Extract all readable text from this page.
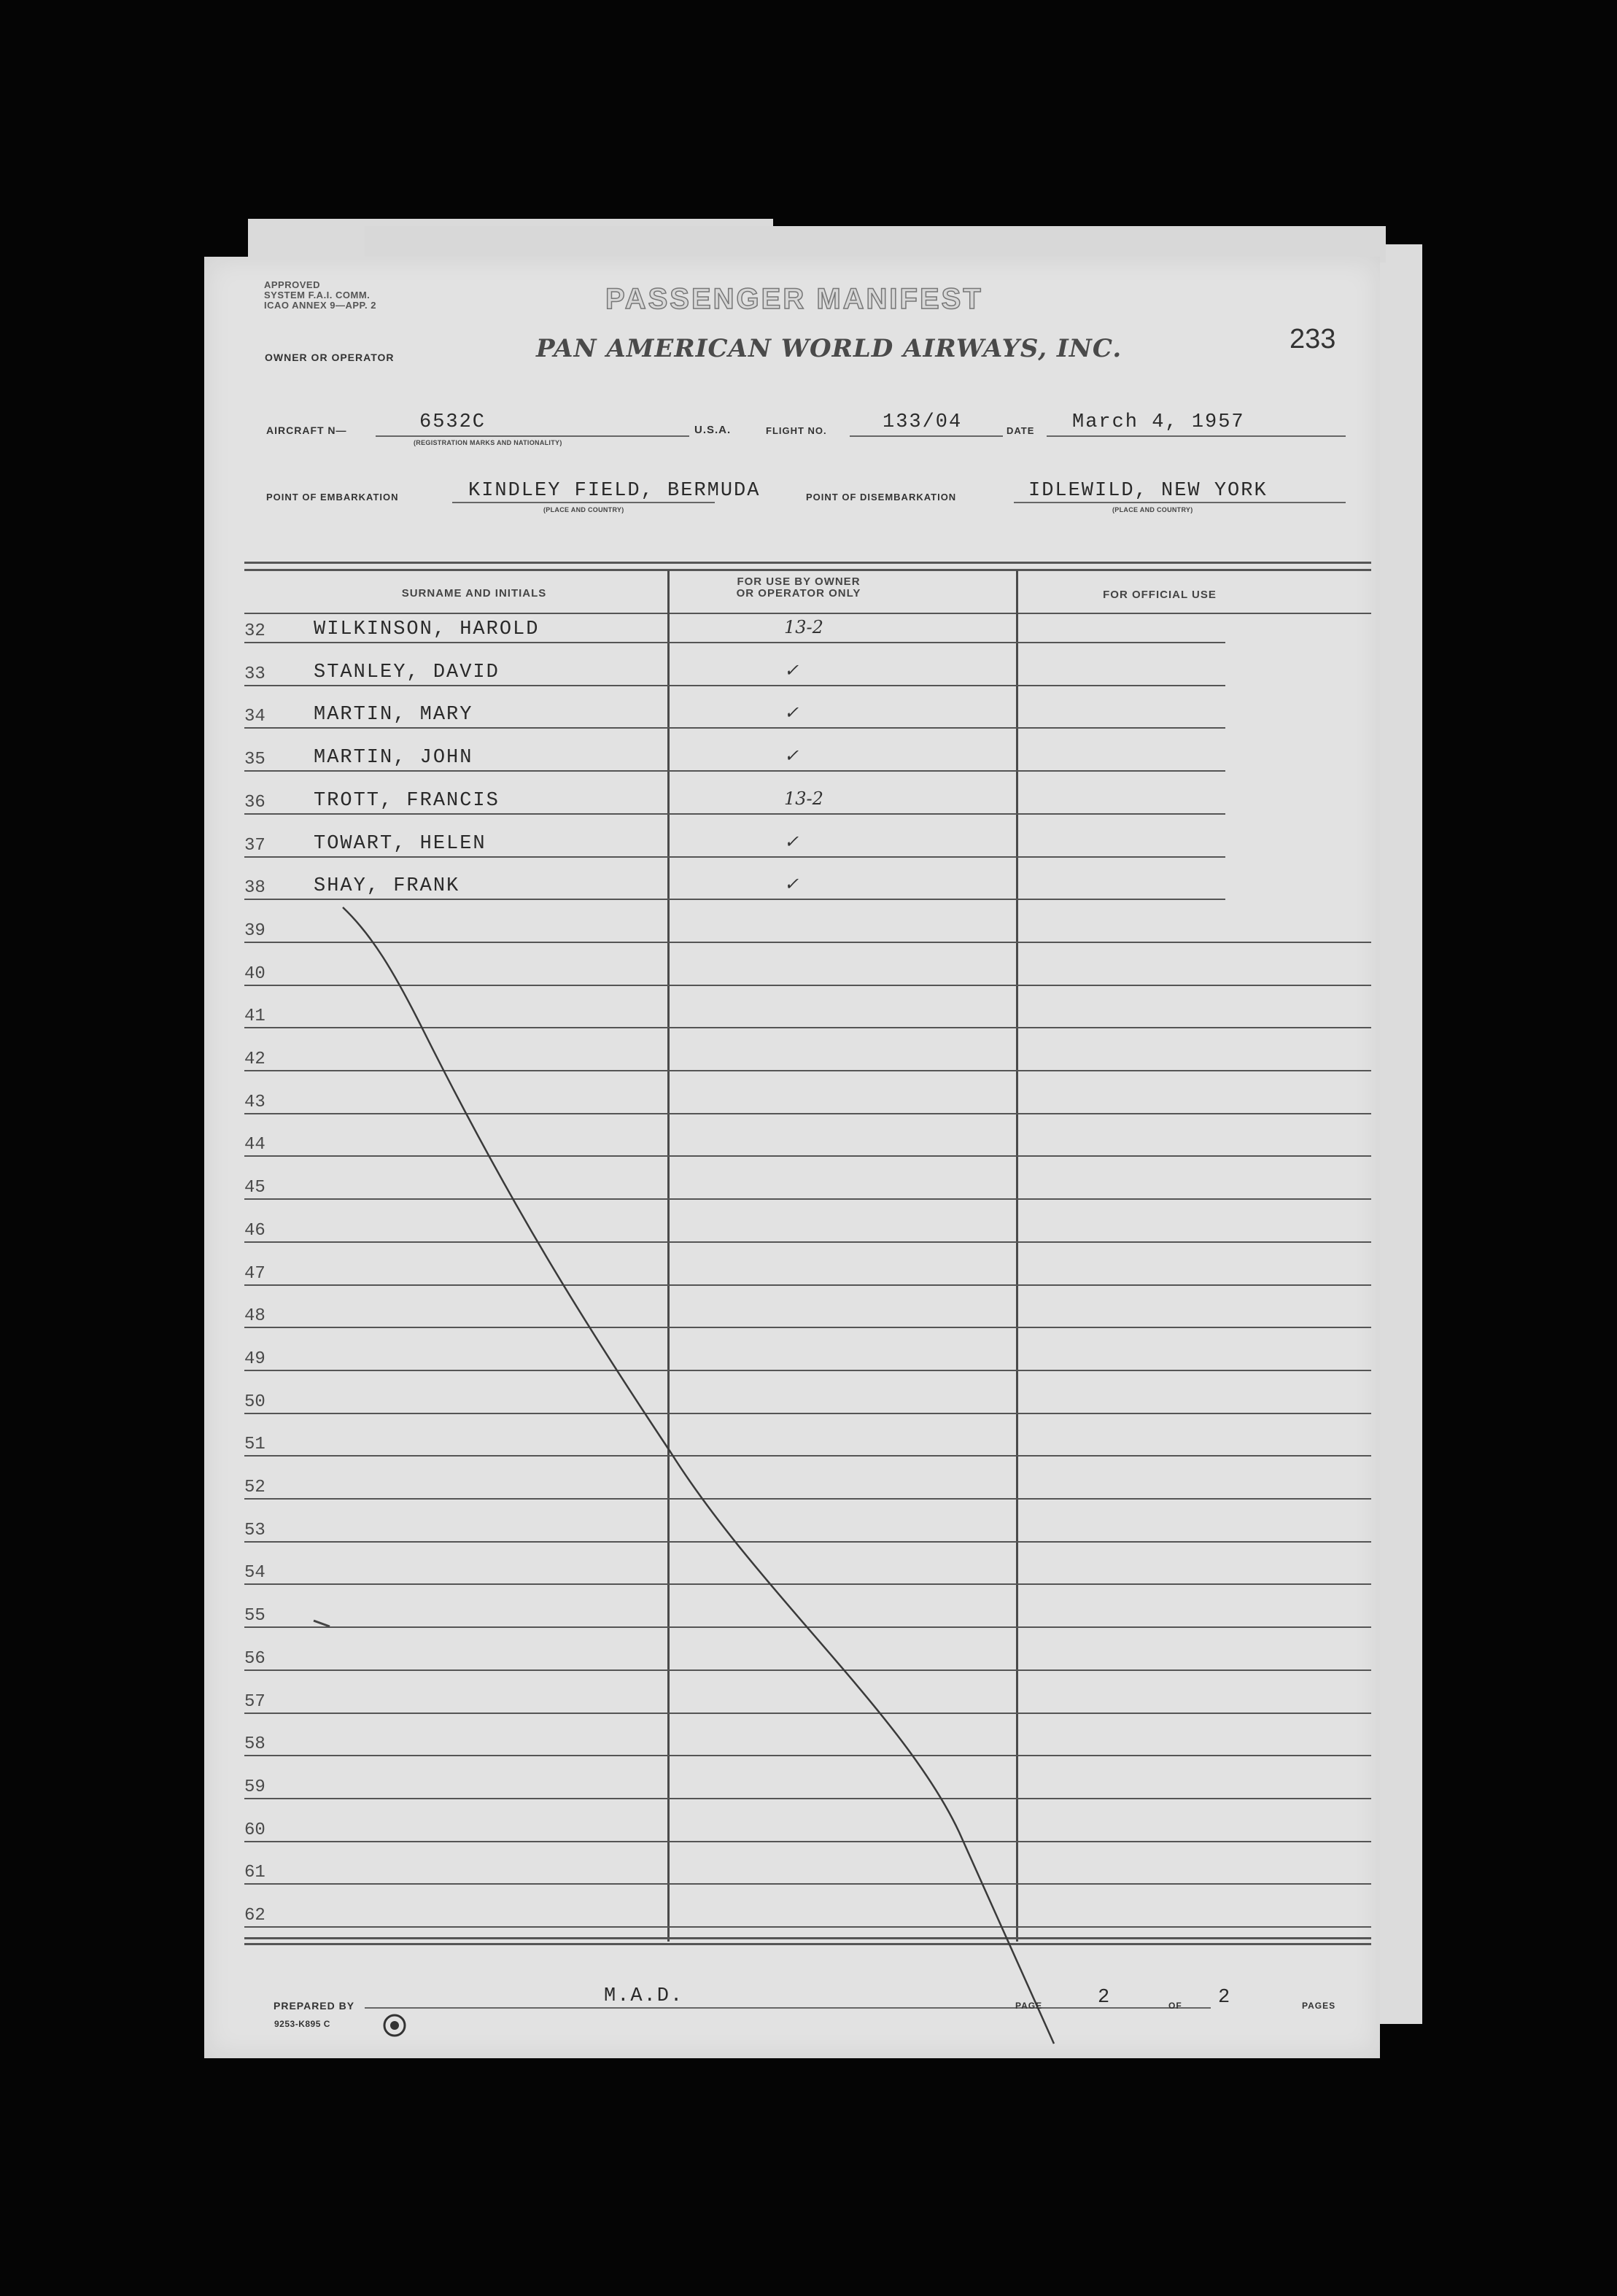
APPROVED
SYSTEM F.A.I. COMM.
ICAO ANNEX 9—APP. 2	PASSENGER MANIFEST
233
OWNER OR OPERATOR	PAN AMERICAN WORLD AIRWAYS, INC.
AIRCRAFT N—	6532C
(REGISTRATION MARKS AND NATIONALITY)
U.S.A.	FLIGHT NO.	133/04	DATE March 4, 1957
POINT OF EMBARKATION	KINDLEY FIELD, BERMUDA
(PLACE AND COUNTRY)
POINT OF DISEMBARKATION	IDLEWILD, NEW YORK
(PLACE AND COUNTRY)
SURNAME AND INITIALS
FOR USE BY OWNER
OR OPERATOR ONLY	FOR OFFICIAL USE
32 WILKINSON, HAROLD	13-2
33 STANLEY, DAVID	✓
34 MARTIN, MARY	✓
35 MARTIN, JOHN	✓
36 TROTT, FRANCIS	13-2
37 TOWART, HELEN	✓
38 SHAY, FRANK	✓
39
40
41
42
43
44
45
46
47
48
49
50
51
52
53
54
55
56
57
58
59
60
61
62
PREPARED BY	M.A.D.
9253-K895 C
PAGE	2	OF 2	PAGES
